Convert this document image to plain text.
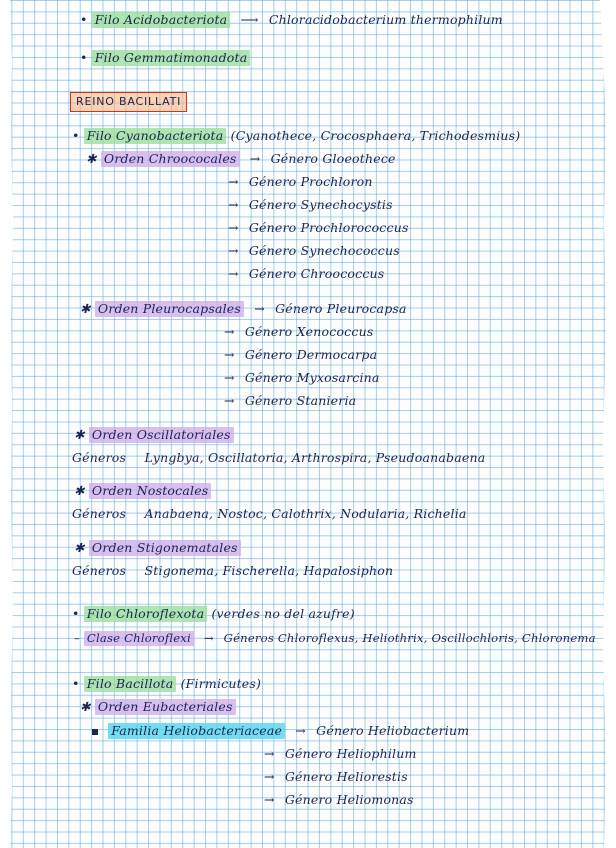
• Filo Acidobacteriota ⟶ Chloracidobacterium thermophilum
• Filo Gemmatimonadota
REINO BACILLATI
• Filo Cyanobacteriota (Cyanothece, Crocosphaera, Trichodesmius)
✱ Orden Chroococales → Género Gloeothece
→ Género Prochloron
→ Género Synechocystis
→ Género Prochlorococcus
→ Género Synechococcus
→ Género Chroococcus
✱ Orden Pleurocapsales → Género Pleurocapsa
→ Género Xenococcus
→ Género Dermocarpa
→ Género Myxosarcina
→ Género Stanieria
✱ Orden Oscillatoriales
Géneros Lyngbya, Oscillatoria, Arthrospira, Pseudoanabaena
✱ Orden Nostocales
Géneros Anabaena, Nostoc, Calothrix, Nodularia, Richelia
✱ Orden Stigonematales
Géneros Stigonema, Fischerella, Hapalosiphon
• Filo Chloroflexota (verdes no del azufre)
– Clase Chloroflexi → Géneros Chloroflexus, Heliothrix, Oscillochloris, Chloronema
• Filo Bacillota (Firmicutes)
✱ Orden Eubacteriales
Familia Heliobacteriaceae → Género Heliobacterium
→ Género Heliophilum
→ Género Heliorestis
→ Género Heliomonas
